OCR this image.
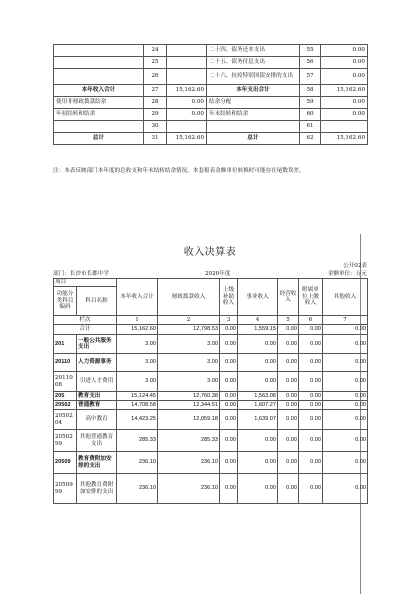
	24		二十四、债务还本支出	55	0.00
	25		二十五、债务付息支出	56	0.00
	26		二十六、抗疫特别国债安排的支出	57	0.00
本年收入合计	27	15,162.60	本年支出合计	58	15,162.60
使用非财政拨款结余	28	0.00	结余分配	59	0.00
年初结转和结余	29	0.00	年末结转和结余	60	0.00
	30			61	
总计	31	15,162.60	总计	62	15,162.60
注：本表反映部门本年度的总收支和年末结转结余情况。本套报表金额单位转换时可能存在尾数误差。
收入决算表
公开02表
部门：长沙市长郡中学	2020年度	金额单位：万元
项目		本年收入合计	财政拨款收入	上级补助收入	事业收入	经营收入	附属单位上缴收入	其他收入
功能分类科目编码	科目名称							

栏次		1	2	3	4	5	6	7
合计		15,162.60	12,798.53	0.00	1,559.15	0.00	0.00	0.00
201	一般公共服务支出	3.00	3.00	0.00	0.00	0.00	0.00	0.00
20110	人力资源事务	3.00	3.00	0.00	0.00	0.00	0.00	0.00
2011008	引进人才费用	3.00	3.00	0.00	0.00	0.00	0.00	0.00
205	教育支出	15,124.45	12,760.38	0.00	1,563.08	0.00	0.00	0.00
20502	普通教育	14,708.58	12,344.51	0.00	1,607.27	0.00	0.00	0.00
2050204	高中教育	14,423.25	12,059.18	0.00	1,639.07	0.00	0.00	0.00
2050299	其他普通教育支出	285.33	285.33	0.00	0.00	0.00	0.00	0.00
20509	教育费附加安排的支出	236.10	236.10	0.00	0.00	0.00	0.00	0.00
2050999	其他教育费附加安排的支出	236.10	236.10	0.00	0.00	0.00	0.00	0.00
